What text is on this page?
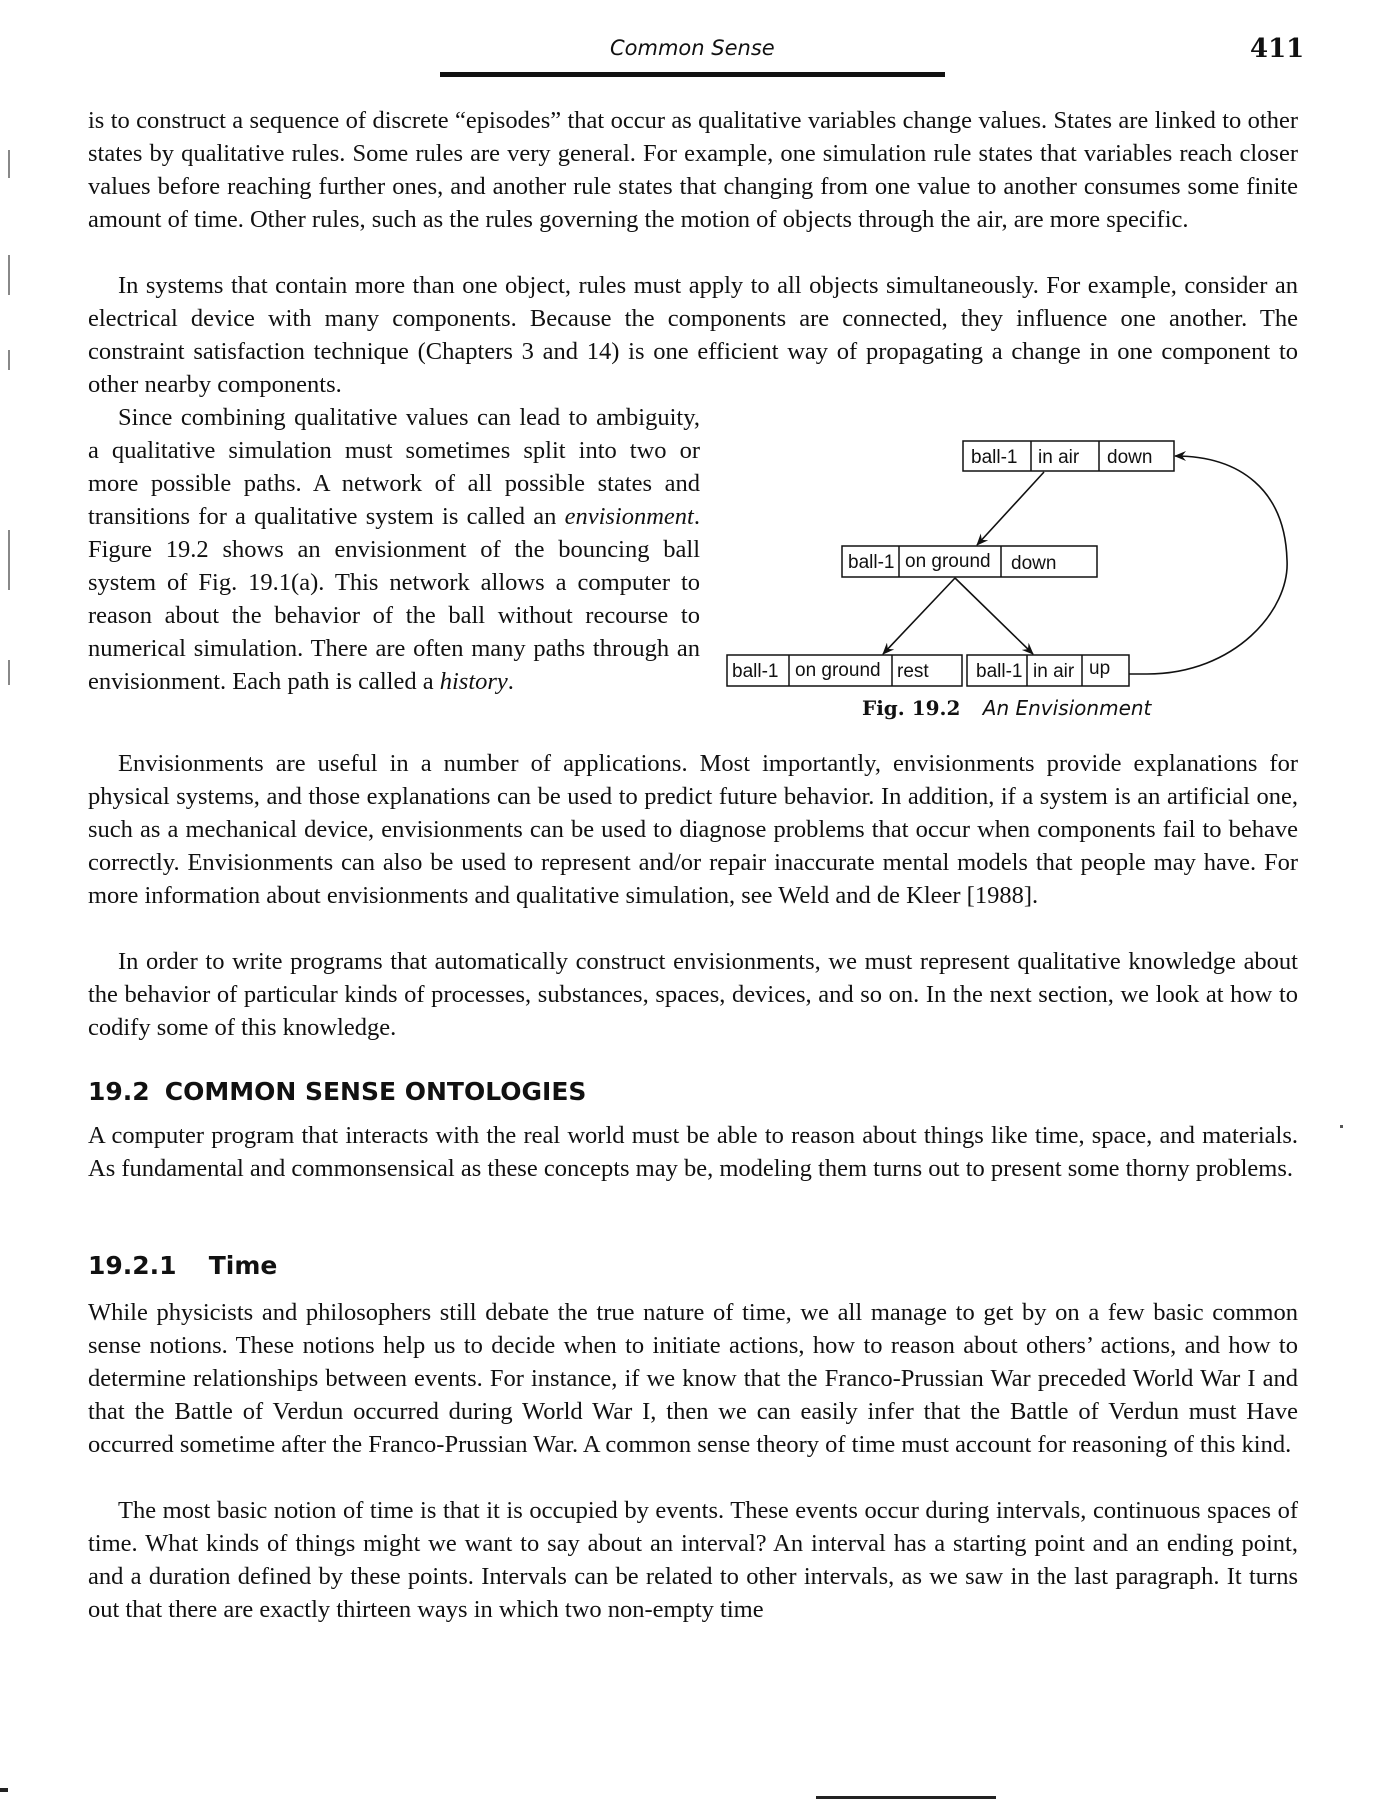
Common Sense	411

is to construct a sequence of discrete “episodes” that occur as qualitative variables change values. States are linked to other states by qualitative rules. Some rules are very general. For example, one simulation rule states that variables reach closer values before reaching further ones, and another rule states that changing from one value to another consumes some finite amount of time. Other rules, such as the rules governing the motion of objects through the air, are more specific.

In systems that contain more than one object, rules must apply to all objects simultaneously. For example, consider an electrical device with many components. Because the components are connected, they influence one another. The constraint satisfaction technique (Chapters 3 and 14) is one efficient way of propagating a change in one component to other nearby components.

Since combining qualitative values can lead to ambiguity, a qualitative simulation must sometimes split into two or more possible paths. A network of all possible states and transitions for a qualitative system is called an envisionment. Figure 19.2 shows an envisionment of the bouncing ball system of Fig. 19.1(a). This network allows a computer to reason about the behavior of the ball without recourse to numerical simulation. There are often many paths through an envisionment. Each path is called a history.

ball-1 in air down
ball-1 on ground down
ball-1 on ground rest ball-1 in air up
Fig. 19.2 An Envisionment

Envisionments are useful in a number of applications. Most importantly, envisionments provide explanations for physical systems, and those explanations can be used to predict future behavior. In addition, if a system is an artificial one, such as a mechanical device, envisionments can be used to diagnose problems that occur when components fail to behave correctly. Envisionments can also be used to represent and/or repair inaccurate mental models that people may have. For more information about envisionments and qualitative simulation, see Weld and de Kleer [1988].

In order to write programs that automatically construct envisionments, we must represent qualitative knowledge about the behavior of particular kinds of processes, substances, spaces, devices, and so on. In the next section, we look at how to codify some of this knowledge.

19.2 COMMON SENSE ONTOLOGIES

A computer program that interacts with the real world must be able to reason about things like time, space, and materials. As fundamental and commonsensical as these concepts may be, modeling them turns out to present some thorny problems.

19.2.1 Time

While physicists and philosophers still debate the true nature of time, we all manage to get by on a few basic common sense notions. These notions help us to decide when to initiate actions, how to reason about others’ actions, and how to determine relationships between events. For instance, if we know that the Franco-Prussian War preceded World War I and that the Battle of Verdun occurred during World War I, then we can easily infer that the Battle of Verdun must Have occurred sometime after the Franco-Prussian War. A common sense theory of time must account for reasoning of this kind.

The most basic notion of time is that it is occupied by events. These events occur during intervals, continuous spaces of time. What kinds of things might we want to say about an interval? An interval has a starting point and an ending point, and a duration defined by these points. Intervals can be related to other intervals, as we saw in the last paragraph. It turns out that there are exactly thirteen ways in which two non-empty time
